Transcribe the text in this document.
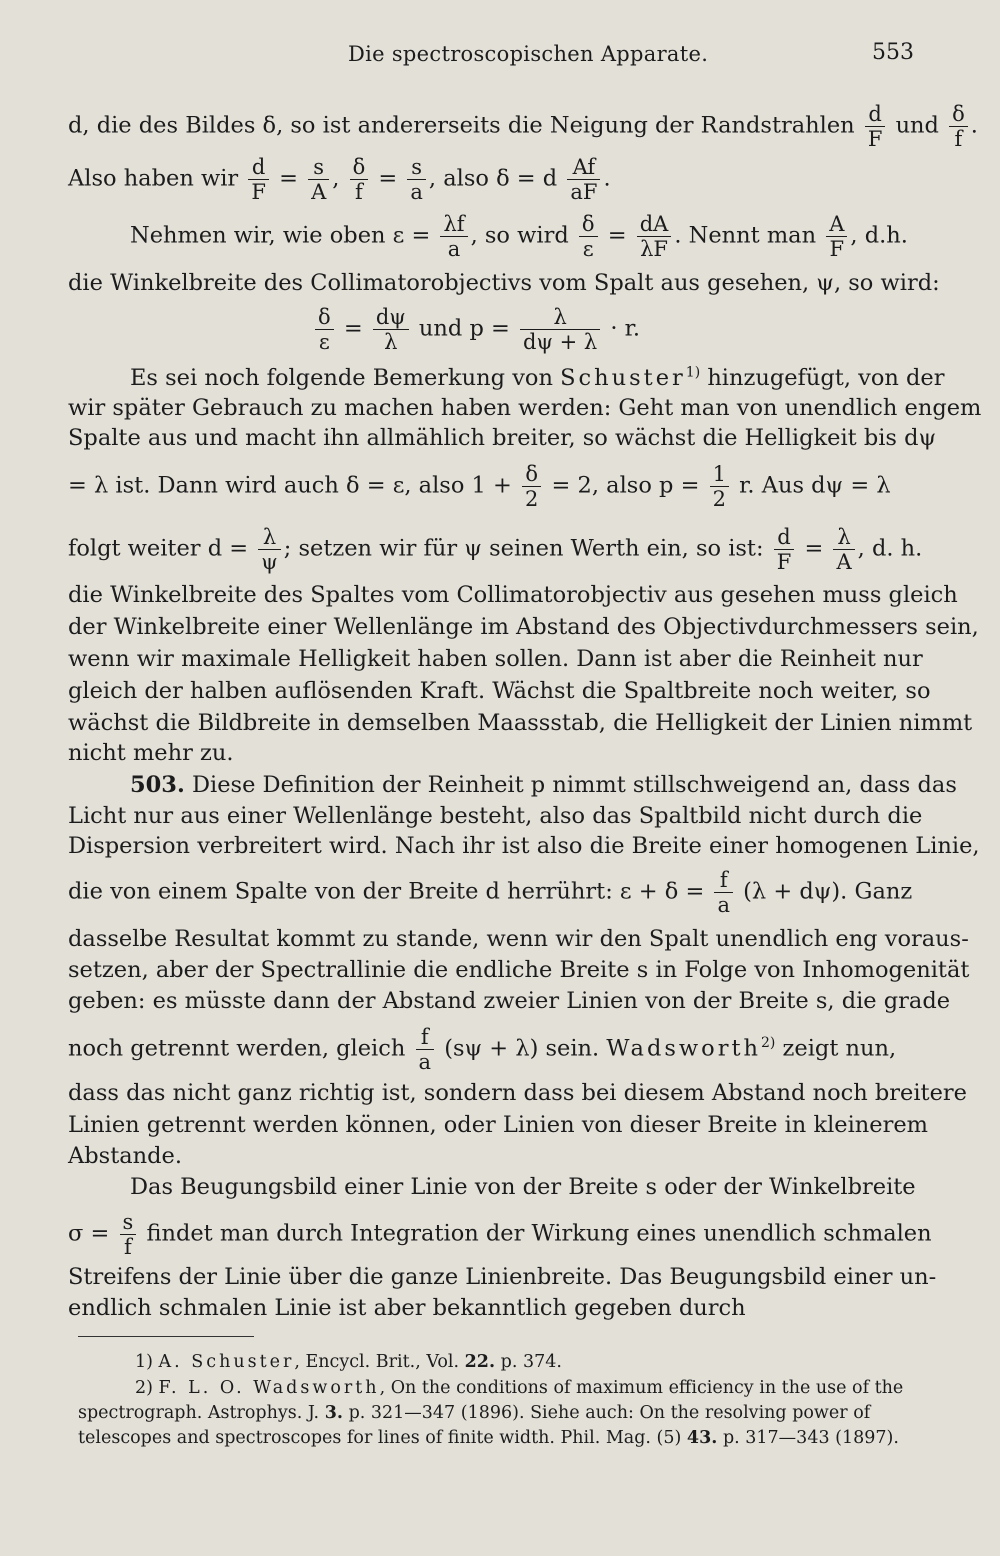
Die spectroscopischen Apparate.	553
d, die des Bildes δ, so ist andererseits die Neigung der Randstrahlen $\frac{d}{F}$ und $\frac{\delta}{f}$ .
Also haben wir $\frac{d}{F} = \frac{s}{A}$ , $\frac{\delta}{f} = \frac{s}{a}$ , also δ = d $\frac{Af}{aF}$ .
Nehmen wir, wie oben $\varepsilon = \frac{\lambda f}{a}$ , so wird $\frac{\delta}{\varepsilon} = \frac{dA}{\lambda F}$ . Nennt man $\frac{A}{F}$ , d.h.
die Winkelbreite des Collimatorobjectivs vom Spalt aus gesehen, ψ, so wird:
$\frac{\delta}{\varepsilon} = \frac{d\psi}{\lambda}$ und $p = \frac{\lambda}{d\psi + \lambda} \cdot r$.
Es sei noch folgende Bemerkung von Schuster$^{1)}$ hinzugefügt, von der
wir später Gebrauch zu machen haben werden: Geht man von unendlich engem
Spalte aus und macht ihn allmählich breiter, so wächst die Helligkeit bis dψ
= λ ist. Dann wird auch δ = ε, also $1 + \frac{\delta}{2} = 2$, also $p = \frac{1}{2} r$. Aus dψ = λ
folgt weiter $d = \frac{\lambda}{\psi}$ ; setzen wir für ψ seinen Werth ein, so ist: $\frac{d}{F} = \frac{\lambda}{A}$ , d. h.
die Winkelbreite des Spaltes vom Collimatorobjectiv aus gesehen muss gleich
der Winkelbreite einer Wellenlänge im Abstand des Objectivdurchmessers sein,
wenn wir maximale Helligkeit haben sollen. Dann ist aber die Reinheit nur
gleich der halben auflösenden Kraft. Wächst die Spaltbreite noch weiter, so
wächst die Bildbreite in demselben Maassstab, die Helligkeit der Linien nimmt
nicht mehr zu.
503. Diese Definition der Reinheit p nimmt stillschweigend an, dass das
Licht nur aus einer Wellenlänge besteht, also das Spaltbild nicht durch die
Dispersion verbreitert wird. Nach ihr ist also die Breite einer homogenen Linie,
die von einem Spalte von der Breite d herrührt: $\varepsilon + \delta = \frac{f}{a} (\lambda + d\psi)$. Ganz
dasselbe Resultat kommt zu stande, wenn wir den Spalt unendlich eng voraus-
setzen, aber der Spectrallinie die endliche Breite s in Folge von Inhomogenität
geben: es müsste dann der Abstand zweier Linien von der Breite s, die grade
noch getrennt werden, gleich $\frac{f}{a} (s\psi + \lambda)$ sein. Wadsworth$^{2)}$ zeigt nun,
dass das nicht ganz richtig ist, sondern dass bei diesem Abstand noch breitere
Linien getrennt werden können, oder Linien von dieser Breite in kleinerem
Abstande.
Das Beugungsbild einer Linie von der Breite s oder der Winkelbreite
$\sigma = \frac{s}{f}$ findet man durch Integration der Wirkung eines unendlich schmalen
Streifens der Linie über die ganze Linienbreite. Das Beugungsbild einer un-
endlich schmalen Linie ist aber bekanntlich gegeben durch
1) A. Schuster, Encycl. Brit., Vol. 22. p. 374.
2) F. L. O. Wadsworth, On the conditions of maximum efficiency in the use of the
spectrograph. Astrophys. J. 3. p. 321—347 (1896). Siehe auch: On the resolving power of
telescopes and spectroscopes for lines of finite width. Phil. Mag. (5) 43. p. 317—343 (1897).
